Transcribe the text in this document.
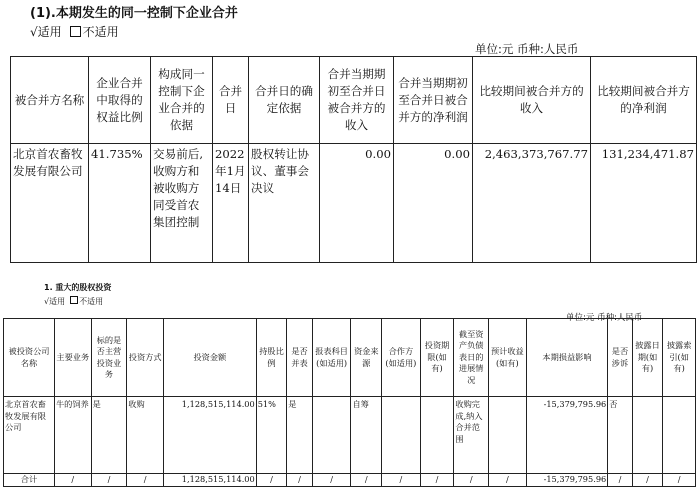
(1).本期发生的同一控制下企业合并
√适用 不适用
单位:元 币种:人民币
被合并方名称	企业合并中取得的权益比例	构成同一控制下企业合并的依据	合并日	合并日的确定依据	合并当期期初至合并日被合并方的收入	合并当期期初至合并日被合并方的净利润	比较期间被合并方的收入	比较期间被合并方的净利润
北京首农畜牧发展有限公司	41.735%	交易前后,收购方和被收购方同受首农集团控制	2022年1月14日	股权转让协议、董事会决议	0.00	0.00	2,463,373,767.77	131,234,471.87
1. 重大的股权投资
√适用 不适用
单位:元 币种:人民币
被投资公司名称	主要业务	标的是否主营投资业务	投资方式	投资金额	持股比例	是否并表	报表科目(如适用)	资金来源	合作方(如适用)	投资期限(如有)	截至资产负债表日的进展情况	预计收益(如有)	本期损益影响	是否涉诉	披露日期(如有)	披露索引(如有)
北京首农畜牧发展有限公司	牛的饲养	是	收购	1,128,515,114.00	51%	是		自筹			收购完成,纳入合并范围		-15,379,795.96	否		
合计	/	/	/	1,128,515,114.00	/	/	/	/	/	/	/	/	-15,379,795.96	/	/	/
